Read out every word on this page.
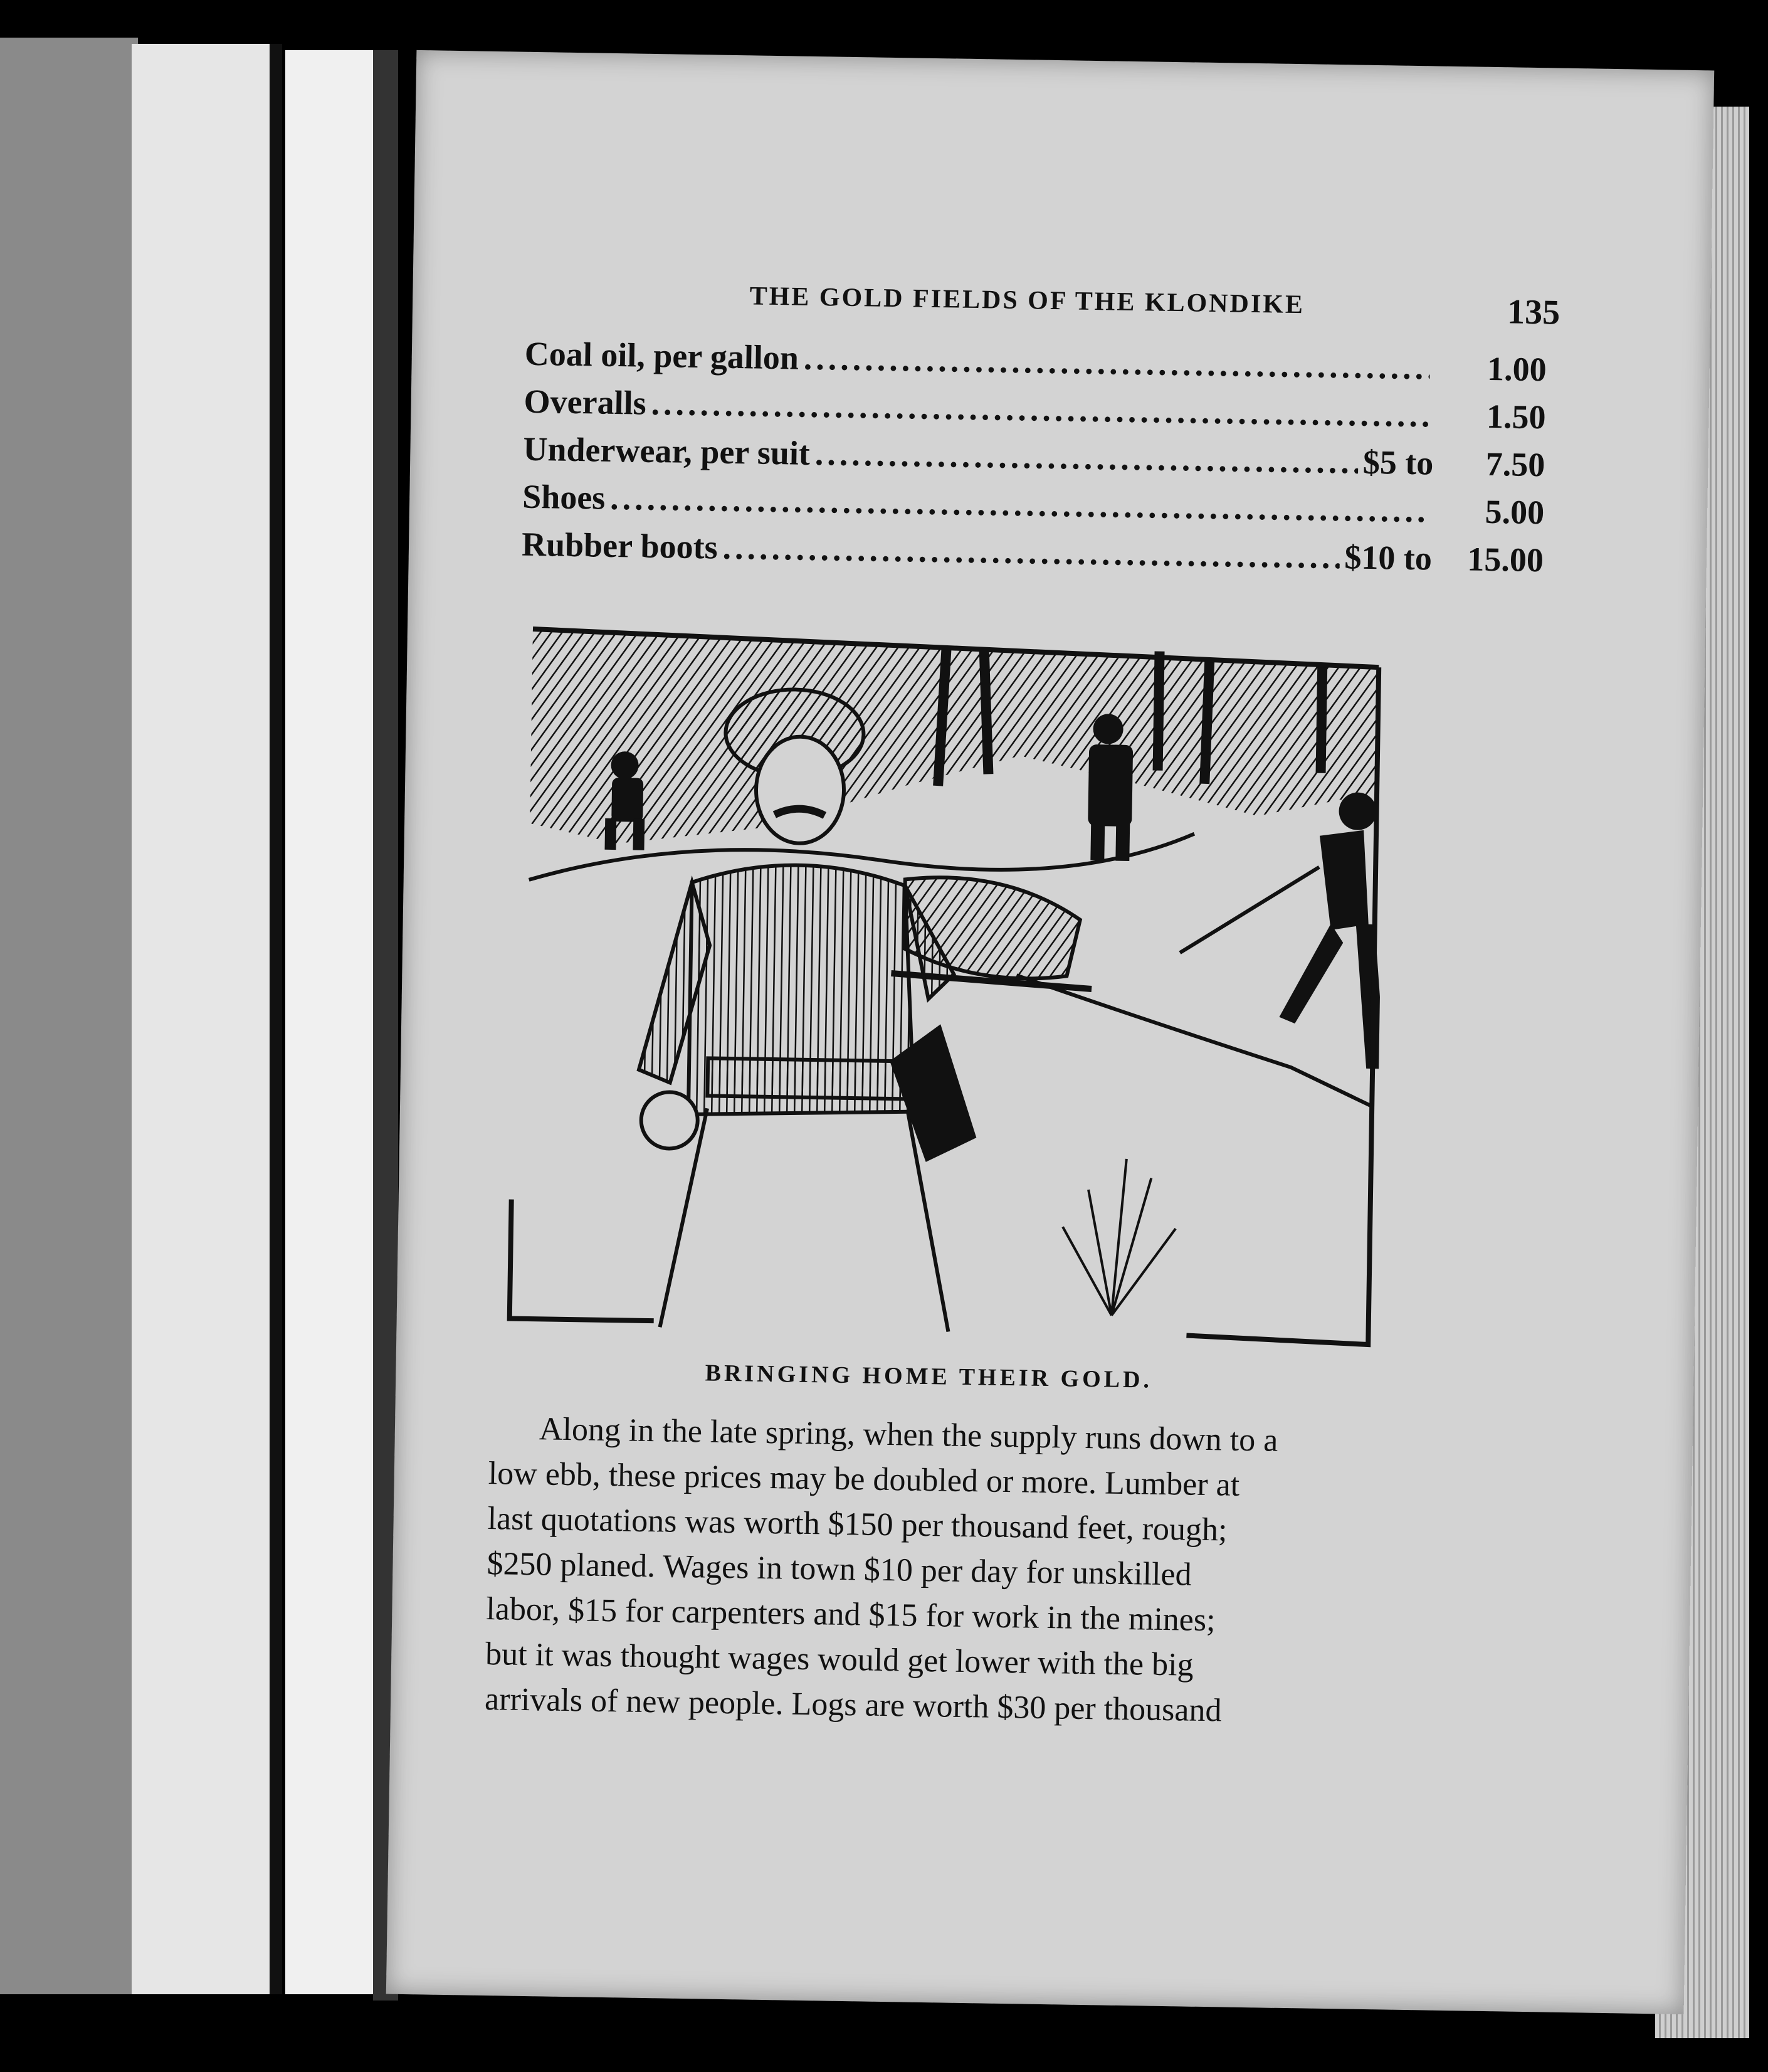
THE GOLD FIELDS OF THE KLONDIKE	135
Coal oil, per gallon .....	1.00
Overalls .....	1.50
Underwear, per suit .....	$5 to	7.50
Shoes .....	5.00
Rubber boots .....	$10 to	15.00
BRINGING HOME THEIR GOLD.
Along in the late spring, when the supply runs down to a
low ebb, these prices may be doubled or more. Lumber at
last quotations was worth $150 per thousand feet, rough;
$250 planed. Wages in town $10 per day for unskilled
labor, $15 for carpenters and $15 for work in the mines;
but it was thought wages would get lower with the big
arrivals of new people. Logs are worth $30 per thousand
